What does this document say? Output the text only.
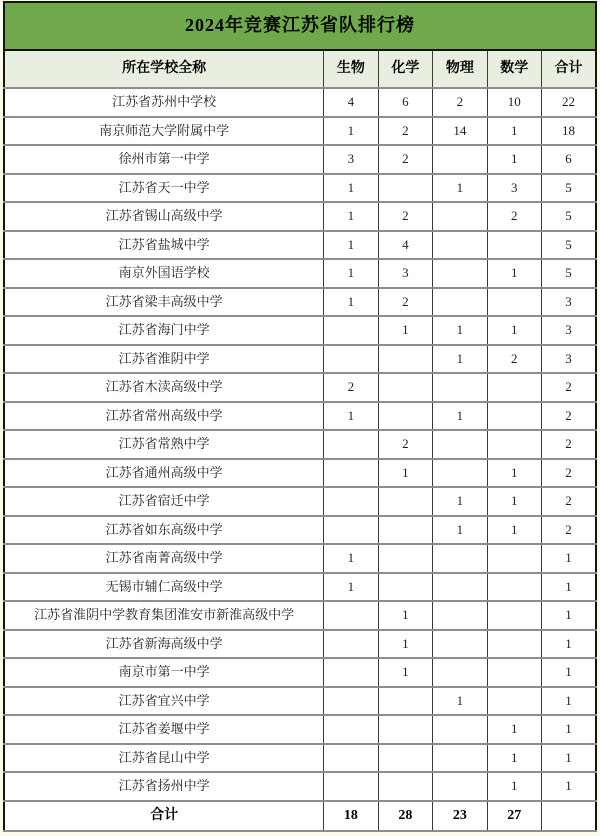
2024年竞赛江苏省队排行榜					
所在学校全称	生物	化学	物理	数学	合计
江苏省苏州中学校	4	6	2	10	22
南京师范大学附属中学	1	2	14	1	18
徐州市第一中学	3	2		1	6
江苏省天一中学	1		1	3	5
江苏省锡山高级中学	1	2		2	5
江苏省盐城中学	1	4			5
南京外国语学校	1	3		1	5
江苏省梁丰高级中学	1	2			3
江苏省海门中学		1	1	1	3
江苏省淮阴中学			1	2	3
江苏省木渎高级中学	2				2
江苏省常州高级中学	1		1		2
江苏省常熟中学		2			2
江苏省通州高级中学		1		1	2
江苏省宿迁中学			1	1	2
江苏省如东高级中学			1	1	2
江苏省南菁高级中学	1				1
无锡市辅仁高级中学	1				1
江苏省淮阴中学教育集团淮安市新淮高级中学		1			1
江苏省新海高级中学		1			1
南京市第一中学		1			1
江苏省宜兴中学			1		1
江苏省姜堰中学				1	1
江苏省昆山中学				1	1
江苏省扬州中学				1	1
合计	18	28	23	27	
